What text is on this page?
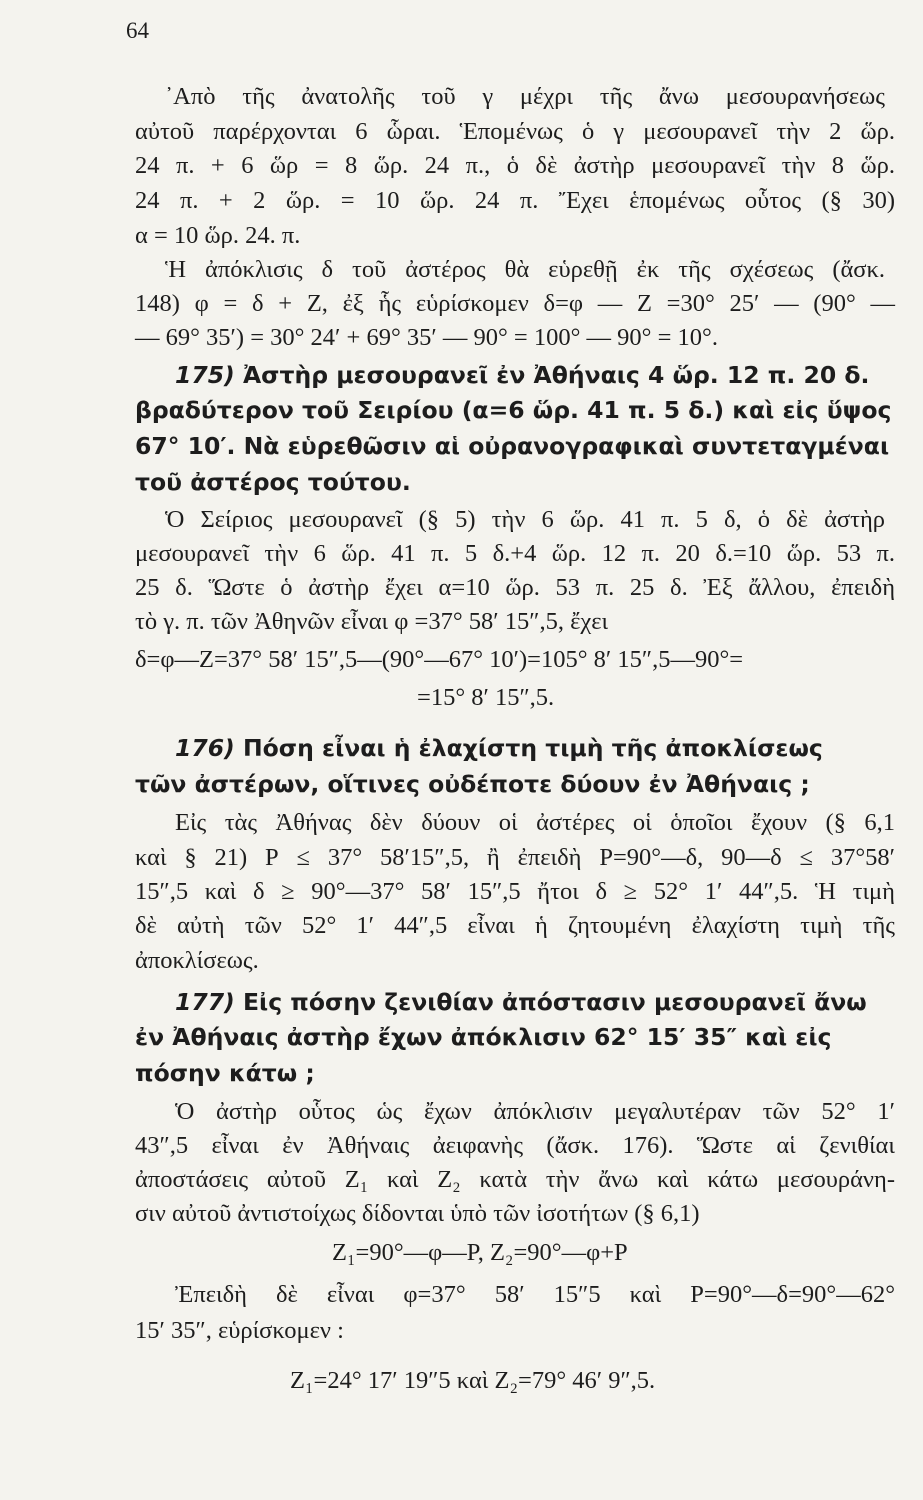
64
᾽Απὸ τῆς ἀνατολῆς τοῦ γ μέχρι τῆς ἄνω μεσουρανήσεως
αὐτοῦ παρέρχονται 6 ὧραι. Ἑπομένως ὁ γ μεσουρανεῖ τὴν 2 ὥρ.
24 π. + 6 ὥρ = 8 ὥρ. 24 π., ὁ δὲ ἀστὴρ μεσουρανεῖ τὴν 8 ὥρ.
24 π. + 2 ὥρ. = 10 ὥρ. 24 π. Ἔχει ἑπομένως οὗτος (§ 30)
α = 10 ὥρ. 24. π.
Ἡ ἀπόκλισις δ τοῦ ἀστέρος θὰ εὑρεθῇ ἐκ τῆς σχέσεως (ἄσκ.
148) φ = δ + Ζ, ἐξ ἧς εὑρίσκομεν δ=φ — Ζ =30° 25′ — (90° —
— 69° 35′) = 30° 24′ + 69° 35′ — 90° = 100° — 90° = 10°.
175) Ἀστὴρ μεσουρανεῖ ἐν Ἀθήναις 4 ὥρ. 12 π. 20 δ.
βραδύτερον τοῦ Σειρίου (α=6 ὥρ. 41 π. 5 δ.) καὶ εἰς ὕψος
67° 10′. Νὰ εὑρεθῶσιν αἱ οὐρανογραφικαὶ συντεταγμέναι
τοῦ ἀστέρος τούτου.
Ὁ Σείριος μεσουρανεῖ (§ 5) τὴν 6 ὥρ. 41 π. 5 δ, ὁ δὲ ἀστὴρ
μεσουρανεῖ τὴν 6 ὥρ. 41 π. 5 δ.+4 ὥρ. 12 π. 20 δ.=10 ὥρ. 53 π.
25 δ. Ὥστε ὁ ἀστὴρ ἔχει α=10 ὥρ. 53 π. 25 δ. Ἐξ ἄλλου, ἐπειδὴ
τὸ γ. π. τῶν Ἀθηνῶν εἶναι φ =37° 58′ 15″,5, ἔχει
δ=φ—Ζ=37° 58′ 15″,5—(90°—67° 10′)=105° 8′ 15″,5—90°=
=15° 8′ 15″,5.
176) Πόση εἶναι ἡ ἐλαχίστη τιμὴ τῆς ἀποκλίσεως
τῶν ἀστέρων, οἵτινες οὐδέποτε δύουν ἐν Ἀθήναις ;
Εἰς τὰς Ἀθήνας δὲν δύουν οἱ ἀστέρες οἱ ὁποῖοι ἔχουν (§ 6,1
καὶ § 21) Ρ ≤ 37° 58′15″,5, ἢ ἐπειδὴ Ρ=90°—δ, 90—δ ≤ 37°58′
15″,5 καὶ δ ≥ 90°—37° 58′ 15″,5 ἤτοι δ ≥ 52° 1′ 44″,5. Ἡ τιμὴ
δὲ αὐτὴ τῶν 52° 1′ 44″,5 εἶναι ἡ ζητουμένη ἐλαχίστη τιμὴ τῆς
ἀποκλίσεως.
177) Εἰς πόσην ζενιθίαν ἀπόστασιν μεσουρανεῖ ἄνω
ἐν Ἀθήναις ἀστὴρ ἔχων ἀπόκλισιν 62° 15′ 35″ καὶ εἰς
πόσην κάτω ;
Ὁ ἀστὴρ οὗτος ὡς ἔχων ἀπόκλισιν μεγαλυτέραν τῶν 52° 1′
43″,5 εἶναι ἐν Ἀθήναις ἀειφανὴς (ἄσκ. 176). Ὥστε αἱ ζενιθίαι
ἀποστάσεις αὐτοῦ Ζ₁ καὶ Ζ₂ κατὰ τὴν ἄνω καὶ κάτω μεσουράνη-
σιν αὐτοῦ ἀντιστοίχως δίδονται ὑπὸ τῶν ἰσοτήτων (§ 6,1)
Ζ₁=90°—φ—Ρ, Ζ₂=90°—φ+Ρ
Ἐπειδὴ δὲ εἶναι φ=37° 58′ 15″5 καὶ Ρ=90°—δ=90°—62°
15′ 35″, εὑρίσκομεν :
Ζ₁=24° 17′ 19″5 καὶ Ζ₂=79° 46′ 9″,5.
